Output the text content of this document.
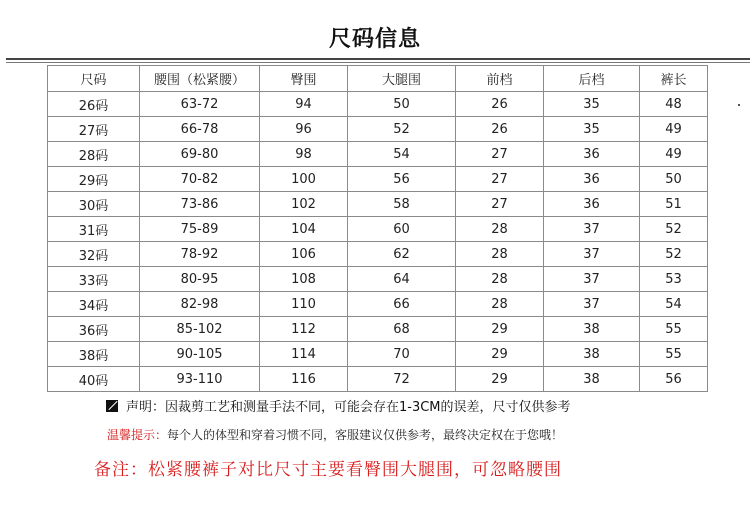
尺码信息
尺码	腰围（松紧腰）	臀围	大腿围	前档	后档	裤长
26码	63-72	94	50	26	35	48
27码	66-78	96	52	26	35	49
28码	69-80	98	54	27	36	49
29码	70-82	100	56	27	36	50
30码	73-86	102	58	27	36	51
31码	75-89	104	60	28	37	52
32码	78-92	106	62	28	37	52
33码	80-95	108	64	28	37	53
34码	82-98	110	66	28	37	54
36码	85-102	112	68	29	38	55
38码	90-105	114	70	29	38	55
40码	93-110	116	72	29	38	56
声明：因裁剪工艺和测量手法不同，可能会存在1-3CM的误差，尺寸仅供参考
温馨提示：每个人的体型和穿着习惯不同，客服建议仅供参考，最终决定权在于您哦！
备注：松紧腰裤子对比尺寸主要看臀围大腿围，可忽略腰围
